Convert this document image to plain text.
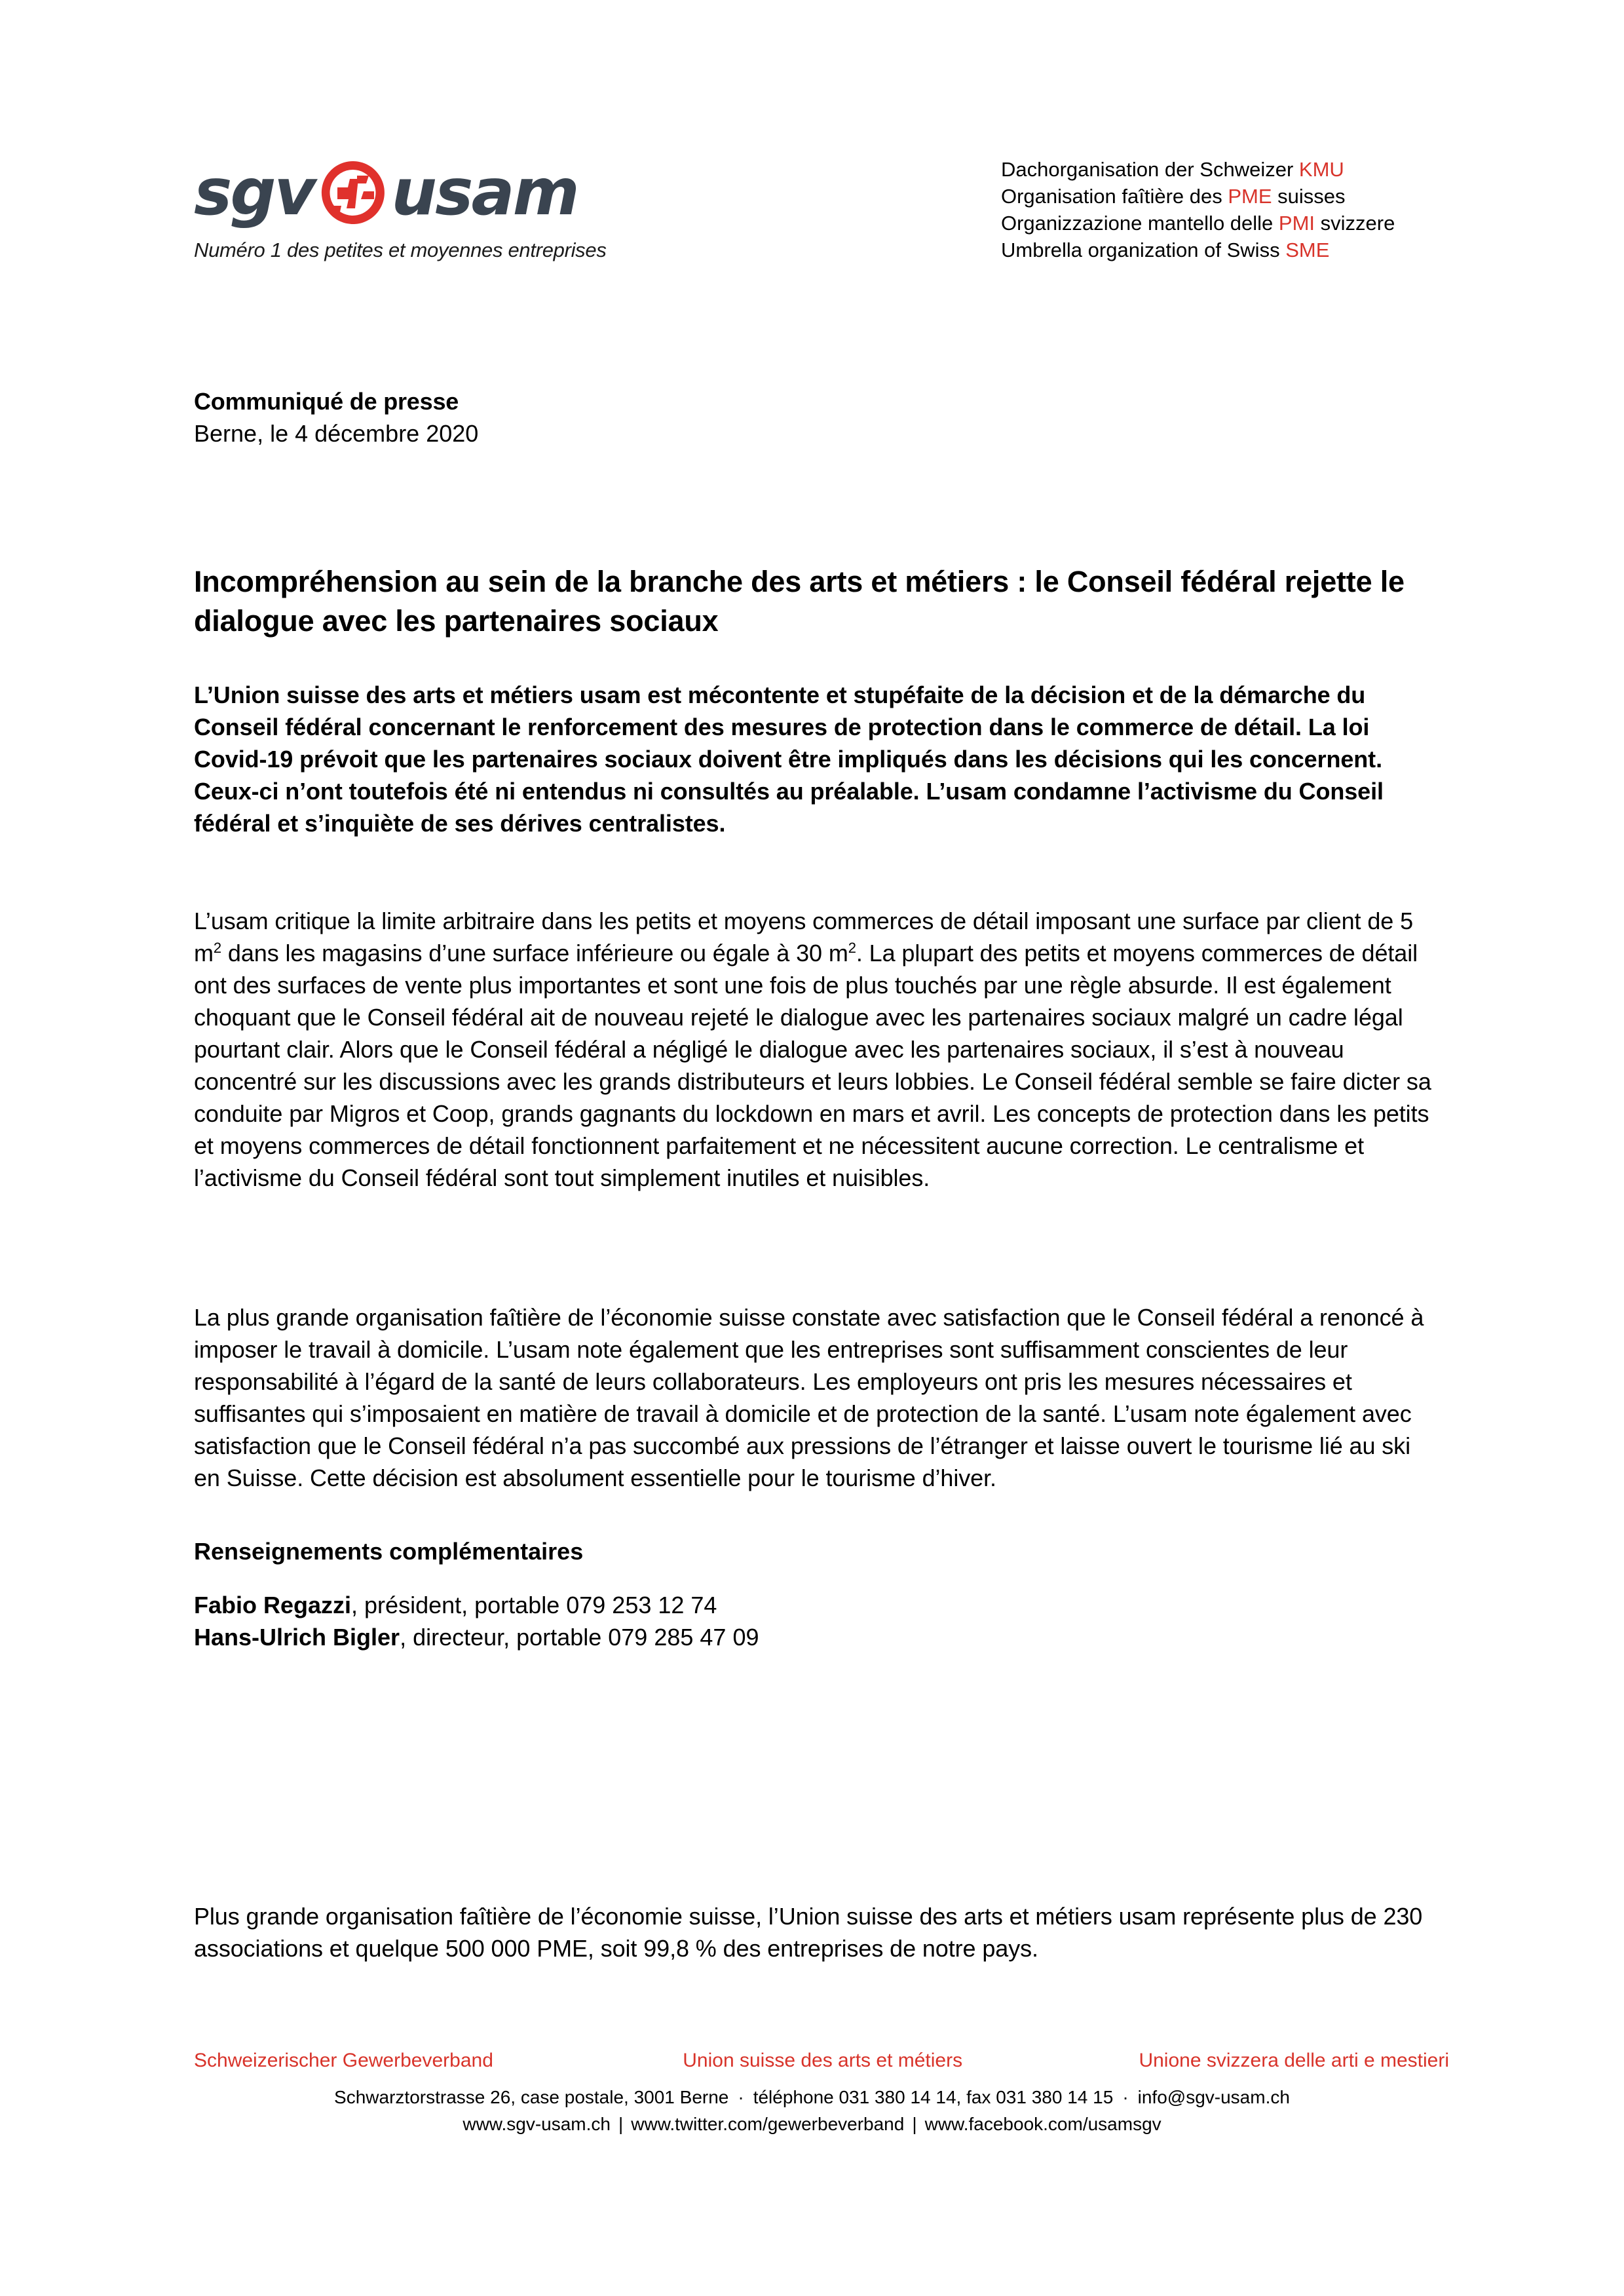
sgv usam
Numéro 1 des petites et moyennes entreprises
Dachorganisation der Schweizer KMU
Organisation faîtière des PME suisses
Organizzazione mantello delle PMI svizzere
Umbrella organization of Swiss SME
Communiqué de presse
Berne, le 4 décembre 2020
Incompréhension au sein de la branche des arts et métiers : le Conseil fédéral rejette le dialogue avec les partenaires sociaux

L’Union suisse des arts et métiers usam est mécontente et stupéfaite de la décision et de la démarche du Conseil fédéral concernant le renforcement des mesures de protection dans le commerce de détail. La loi Covid-19 prévoit que les partenaires sociaux doivent être impliqués dans les décisions qui les concernent. Ceux-ci n’ont toutefois été ni entendus ni consultés au préalable. L’usam condamne l’activisme du Conseil fédéral et s’inquiète de ses dérives centralistes.

L’usam critique la limite arbitraire dans les petits et moyens commerces de détail imposant une surface par client de 5 $m^2$ dans les magasins d’une surface inférieure ou égale à 30 $m^2$. La plupart des petits et moyens commerces de détail ont des surfaces de vente plus importantes et sont une fois de plus touchés par une règle absurde. Il est également choquant que le Conseil fédéral ait de nouveau rejeté le dialogue avec les partenaires sociaux malgré un cadre légal pourtant clair. Alors que le Conseil fédéral a négligé le dialogue avec les partenaires sociaux, il s’est à nouveau concentré sur les discussions avec les grands distributeurs et leurs lobbies. Le Conseil fédéral semble se faire dicter sa conduite par Migros et Coop, grands gagnants du lockdown en mars et avril. Les concepts de protection dans les petits et moyens commerces de détail fonctionnent parfaitement et ne nécessitent aucune correction. Le centralisme et l’activisme du Conseil fédéral sont tout simplement inutiles et nuisibles.

La plus grande organisation faîtière de l’économie suisse constate avec satisfaction que le Conseil fédéral a renoncé à imposer le travail à domicile. L’usam note également que les entreprises sont suffisamment conscientes de leur responsabilité à l’égard de la santé de leurs collaborateurs. Les employeurs ont pris les mesures nécessaires et suffisantes qui s’imposaient en matière de travail à domicile et de protection de la santé. L’usam note également avec satisfaction que le Conseil fédéral n’a pas succombé aux pressions de l’étranger et laisse ouvert le tourisme lié au ski en Suisse. Cette décision est absolument essentielle pour le tourisme d’hiver.

Renseignements complémentaires
Fabio Regazzi, président, portable 079 253 12 74
Hans-Ulrich Bigler, directeur, portable 079 285 47 09

Plus grande organisation faîtière de l’économie suisse, l’Union suisse des arts et métiers usam représente plus de 230 associations et quelque 500 000 PME, soit 99,8 % des entreprises de notre pays.

Schweizerischer Gewerbeverband	Union suisse des arts et métiers	Unione svizzera delle arti e mestieri
Schwarztorstrasse 26, case postale, 3001 Berne · téléphone 031 380 14 14, fax 031 380 14 15 · info@sgv-usam.ch
www.sgv-usam.ch | www.twitter.com/gewerbeverband | www.facebook.com/usamsgv
